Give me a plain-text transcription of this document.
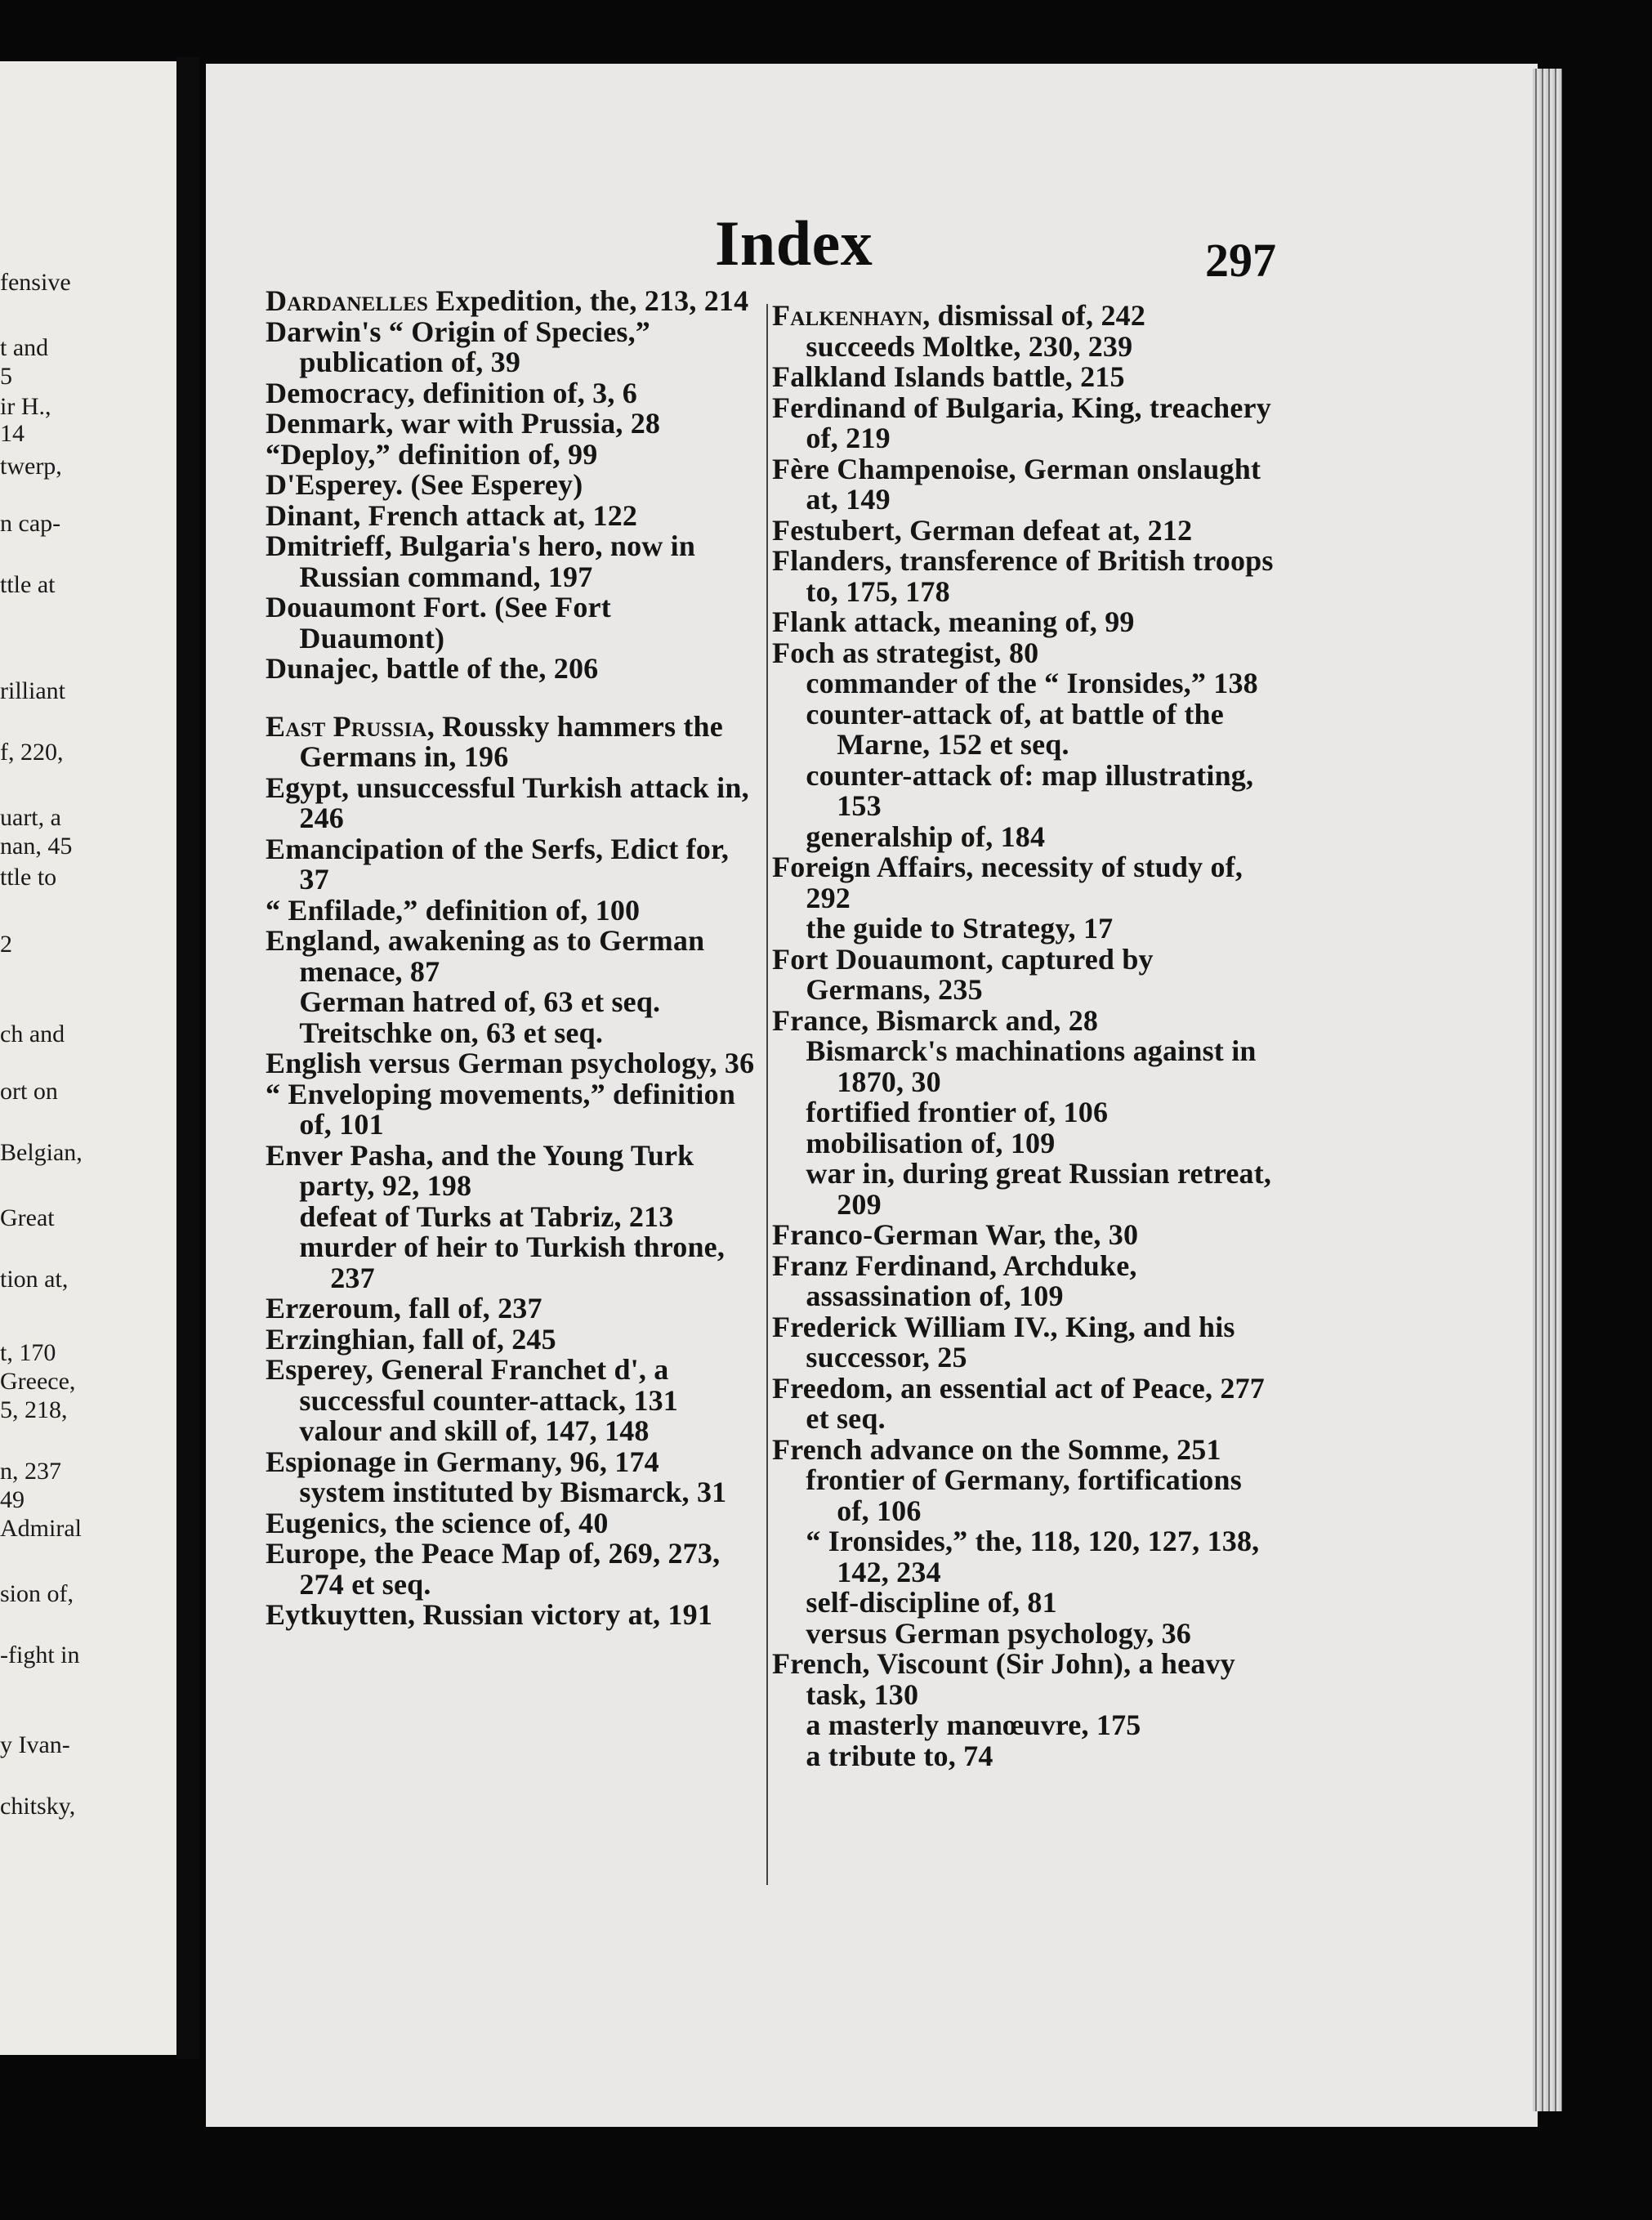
fensive
t and
5
ir H.,
14
twerp,
n cap-
ttle at
rilliant
f, 220,
uart, a
nan, 45
ttle to
2
ch and
ort on
Belgian,
Great
tion at,
t, 170
Greece,
5, 218,
n, 237
49
Admiral
sion of,
-fight in
y Ivan-
chitsky,
Index	297

Dardanelles Expedition, the, 213, 214

Darwin's “ Origin of Species,” publication of, 39

Democracy, definition of, 3, 6

Denmark, war with Prussia, 28

“Deploy,” definition of, 99

D'Esperey. (See Esperey)

Dinant, French attack at, 122

Dmitrieff, Bulgaria's hero, now in Russian command, 197

Douaumont Fort. (See Fort Duaumont)

Dunajec, battle of the, 206

East Prussia, Roussky hammers the Germans in, 196

Egypt, unsuccessful Turkish attack in, 246

Emancipation of the Serfs, Edict for, 37

“ Enfilade,” definition of, 100

England, awakening as to German menace, 87

German hatred of, 63 et seq.

Treitschke on, 63 et seq.

English versus German psychology, 36

“ Enveloping movements,” definition of, 101

Enver Pasha, and the Young Turk party, 92, 198

defeat of Turks at Tabriz, 213

murder of heir to Turkish throne, 237

Erzeroum, fall of, 237

Erzinghian, fall of, 245

Esperey, General Franchet d', a successful counter-attack, 131

valour and skill of, 147, 148

Espionage in Germany, 96, 174

system instituted by Bismarck, 31

Eugenics, the science of, 40

Europe, the Peace Map of, 269, 273, 274 et seq.

Eytkuytten, Russian victory at, 191

Falkenhayn, dismissal of, 242

succeeds Moltke, 230, 239

Falkland Islands battle, 215

Ferdinand of Bulgaria, King, treachery of, 219

Fère Champenoise, German onslaught at, 149

Festubert, German defeat at, 212

Flanders, transference of British troops to, 175, 178

Flank attack, meaning of, 99

Foch as strategist, 80

commander of the “ Ironsides,” 138

counter-attack of, at battle of the Marne, 152 et seq.

counter-attack of: map illustrating, 153

generalship of, 184

Foreign Affairs, necessity of study of, 292

the guide to Strategy, 17

Fort Douaumont, captured by Germans, 235

France, Bismarck and, 28

Bismarck's machinations against in 1870, 30

fortified frontier of, 106

mobilisation of, 109

war in, during great Russian retreat, 209

Franco-German War, the, 30

Franz Ferdinand, Archduke, assassination of, 109

Frederick William IV., King, and his successor, 25

Freedom, an essential act of Peace, 277 et seq.

French advance on the Somme, 251

frontier of Germany, fortifications of, 106

“ Ironsides,” the, 118, 120, 127, 138, 142, 234

self-discipline of, 81

versus German psychology, 36

French, Viscount (Sir John), a heavy task, 130

a masterly manœuvre, 175

a tribute to, 74
